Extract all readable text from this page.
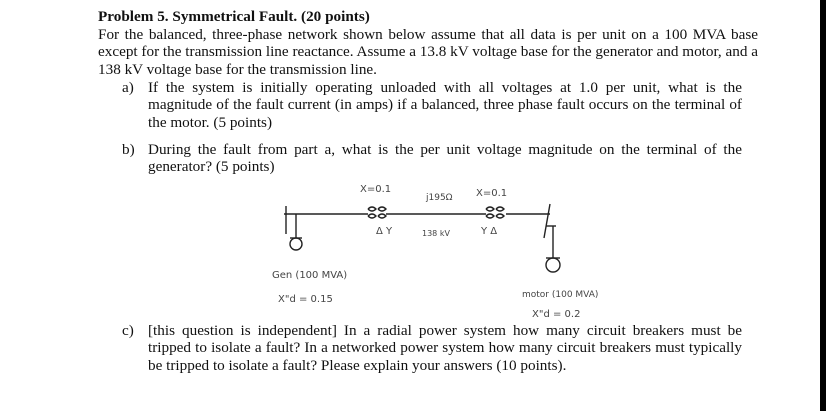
Problem 5. Symmetrical Fault. (20 points)
For the balanced, three-phase network shown below assume that all data is per unit on a 100 MVA base except for the transmission line reactance. Assume a 13.8 kV voltage base for the generator and motor, and a 138 kV voltage base for the transmission line.
a) If the system is initially operating unloaded with all voltages at 1.0 per unit, what is the magnitude of the fault current (in amps) if a balanced, three phase fault occurs on the terminal of the motor. (5 points)
b) During the fault from part a, what is the per unit voltage magnitude on the terminal of the generator? (5 points)
X=0.1
j195Ω X=0.1
Δ Y	138 kV	Y Δ
Gen (100 MVA)
X"d = 0.15	motor (100 MVA)
X"d = 0.2
c) [this question is independent] In a radial power system how many circuit breakers must be tripped to isolate a fault? In a networked power system how many circuit breakers must typically be tripped to isolate a fault? Please explain your answers (10 points).
